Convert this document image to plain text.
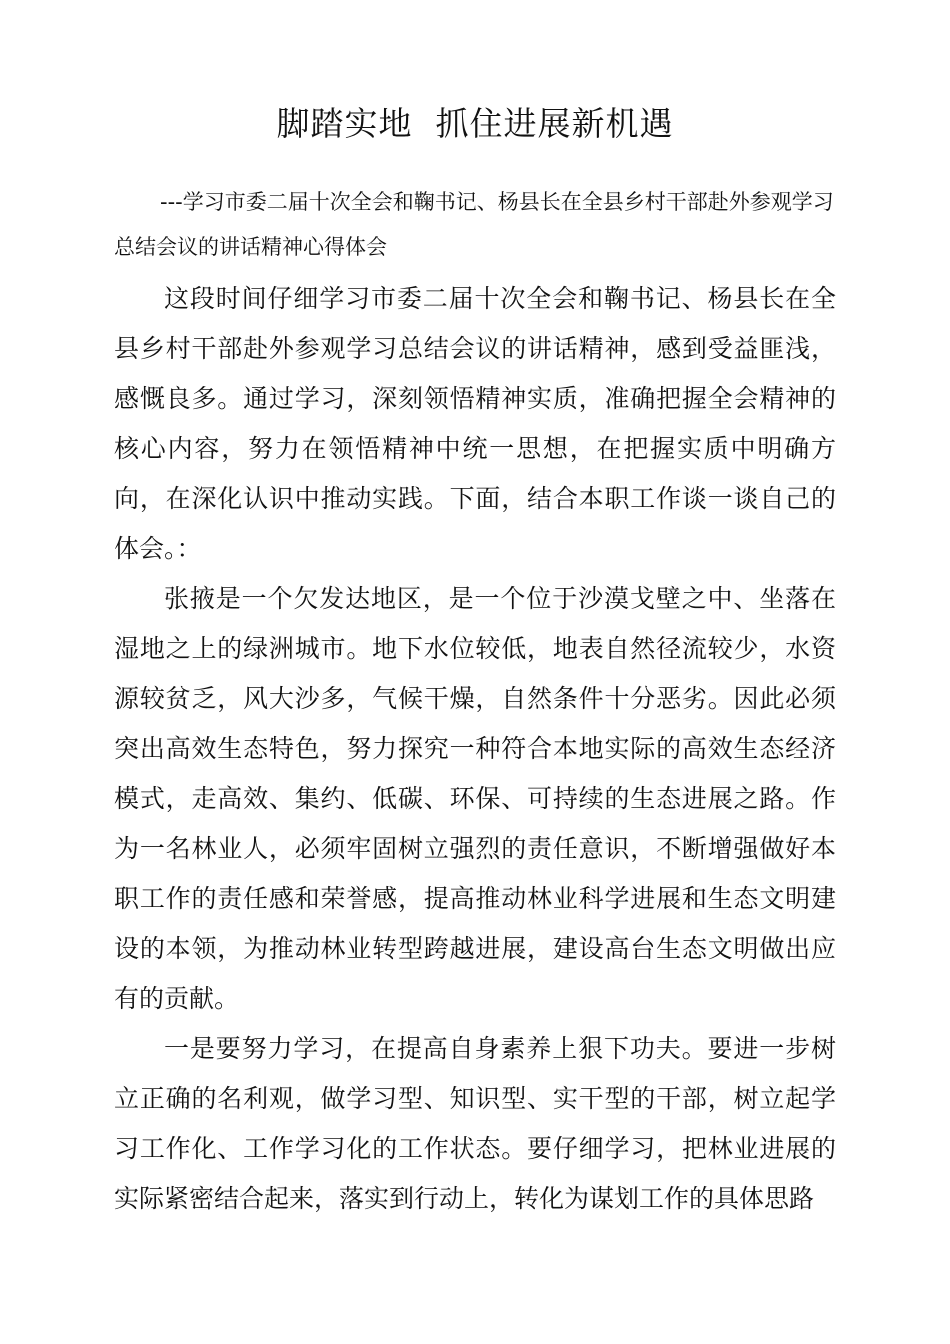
脚踏实地  抓住进展新机遇

---学习市委二届十次全会和鞠书记、杨县长在全县乡村干部赴外参观学习总结会议的讲话精神心得体会

这段时间仔细学习市委二届十次全会和鞠书记、杨县长在全县乡村干部赴外参观学习总结会议的讲话精神，感到受益匪浅，感慨良多。通过学习，深刻领悟精神实质，准确把握全会精神的核心内容，努力在领悟精神中统一思想，在把握实质中明确方向，在深化认识中推动实践。下面，结合本职工作谈一谈自己的体会。：

张掖是一个欠发达地区，是一个位于沙漠戈壁之中、坐落在湿地之上的绿洲城市。地下水位较低，地表自然径流较少，水资源较贫乏，风大沙多，气候干燥，自然条件十分恶劣。因此必须突出高效生态特色，努力探究一种符合本地实际的高效生态经济模式，走高效、集约、低碳、环保、可持续的生态进展之路。作为一名林业人，必须牢固树立强烈的责任意识，不断增强做好本职工作的责任感和荣誉感，提高推动林业科学进展和生态文明建设的本领，为推动林业转型跨越进展，建设高台生态文明做出应有的贡献。

一是要努力学习，在提高自身素养上狠下功夫。要进一步树立正确的名利观，做学习型、知识型、实干型的干部，树立起学习工作化、工作学习化的工作状态。要仔细学习，把林业进展的实际紧密结合起来，落实到行动上，转化为谋划工作的具体思路
